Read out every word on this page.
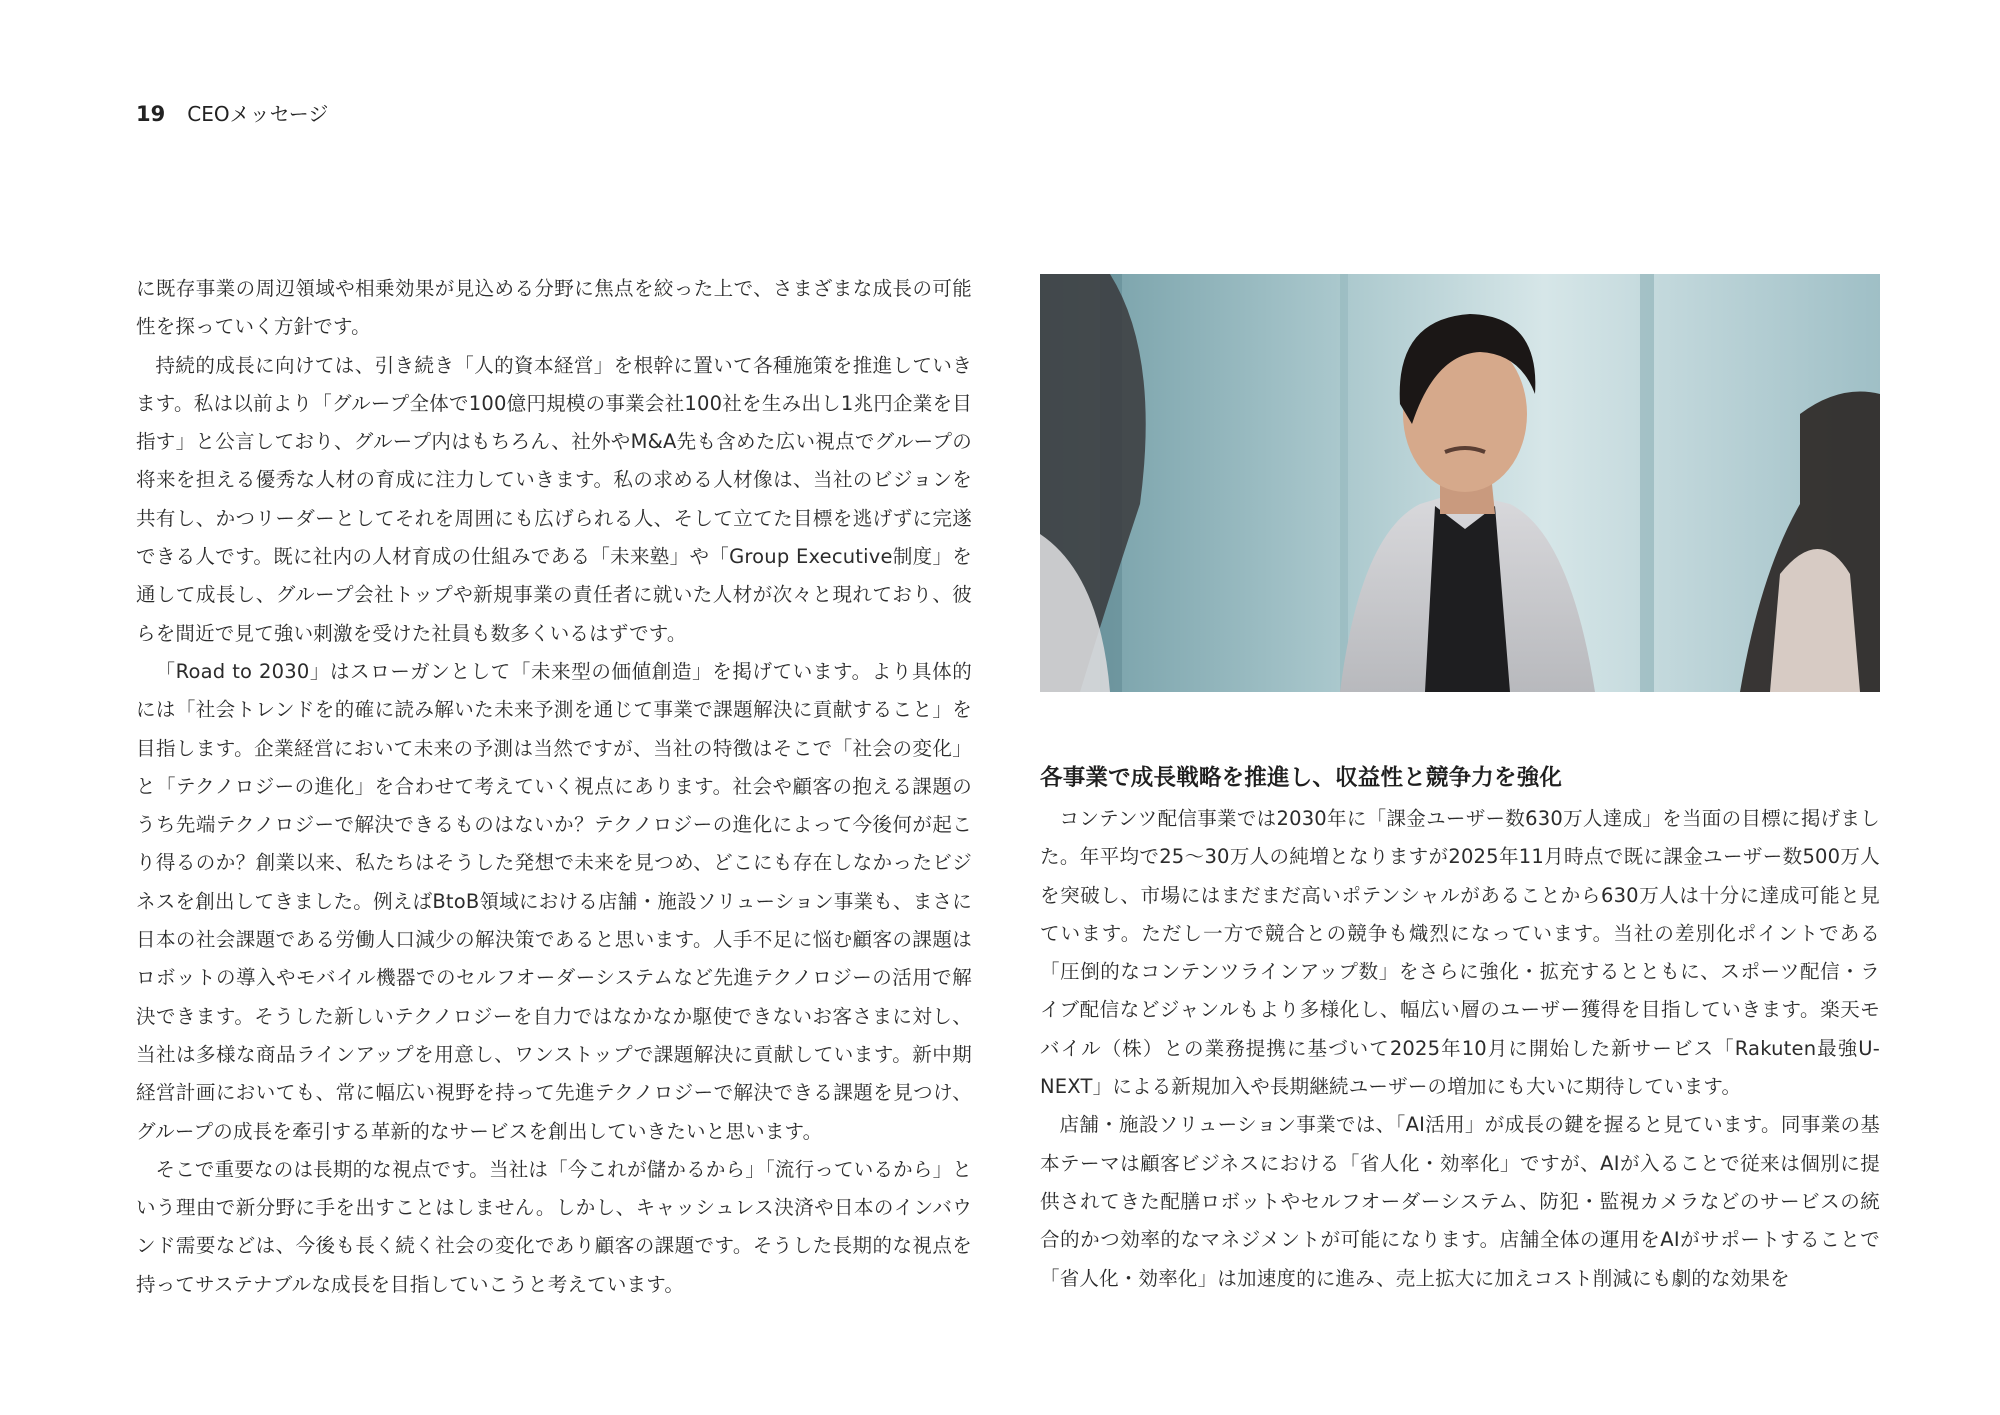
19 CEOメッセージ

に既存事業の周辺領域や相乗効果が見込める分野に焦点を絞った上で、さまざまな成長の可能性を探っていく方針です。

持続的成長に向けては、引き続き「人的資本経営」を根幹に置いて各種施策を推進していきます。私は以前より「グループ全体で100億円規模の事業会社100社を生み出し1兆円企業を目指す」と公言しており、グループ内はもちろん、社外やM&A先も含めた広い視点でグループの将来を担える優秀な人材の育成に注力していきます。私の求める人材像は、当社のビジョンを共有し、かつリーダーとしてそれを周囲にも広げられる人、そして立てた目標を逃げずに完遂できる人です。既に社内の人材育成の仕組みである「未来塾」や「Group Executive制度」を通して成長し、グループ会社トップや新規事業の責任者に就いた人材が次々と現れており、彼らを間近で見て強い刺激を受けた社員も数多くいるはずです。

「Road to 2030」はスローガンとして「未来型の価値創造」を掲げています。より具体的には「社会トレンドを的確に読み解いた未来予測を通じて事業で課題解決に貢献すること」を目指します。企業経営において未来の予測は当然ですが、当社の特徴はそこで「社会の変化」と「テクノロジーの進化」を合わせて考えていく視点にあります。社会や顧客の抱える課題のうち先端テクノロジーで解決できるものはないか？テクノロジーの進化によって今後何が起こり得るのか？創業以来、私たちはそうした発想で未来を見つめ、どこにも存在しなかったビジネスを創出してきました。例えばBtoB領域における店舗・施設ソリューション事業も、まさに日本の社会課題である労働人口減少の解決策であると思います。人手不足に悩む顧客の課題はロボットの導入やモバイル機器でのセルフオーダーシステムなど先進テクノロジーの活用で解決できます。そうした新しいテクノロジーを自力ではなかなか駆使できないお客さまに対し、当社は多様な商品ラインアップを用意し、ワンストップで課題解決に貢献しています。新中期経営計画においても、常に幅広い視野を持って先進テクノロジーで解決できる課題を見つけ、グループの成長を牽引する革新的なサービスを創出していきたいと思います。

そこで重要なのは長期的な視点です。当社は「今これが儲かるから」「流行っているから」という理由で新分野に手を出すことはしません。しかし、キャッシュレス決済や日本のインバウンド需要などは、今後も長く続く社会の変化であり顧客の課題です。そうした長期的な視点を持ってサステナブルな成長を目指していこうと考えています。

各事業で成長戦略を推進し、収益性と競争力を強化

コンテンツ配信事業では2030年に「課金ユーザー数630万人達成」を当面の目標に掲げました。年平均で25〜30万人の純増となりますが2025年11月時点で既に課金ユーザー数500万人を突破し、市場にはまだまだ高いポテンシャルがあることから630万人は十分に達成可能と見ています。ただし一方で競合との競争も熾烈になっています。当社の差別化ポイントである「圧倒的なコンテンツラインアップ数」をさらに強化・拡充するとともに、スポーツ配信・ライブ配信などジャンルもより多様化し、幅広い層のユーザー獲得を目指していきます。楽天モバイル（株）との業務提携に基づいて2025年10月に開始した新サービス「Rakuten最強U-NEXT」による新規加入や長期継続ユーザーの増加にも大いに期待しています。

店舗・施設ソリューション事業では、「AI活用」が成長の鍵を握ると見ています。同事業の基本テーマは顧客ビジネスにおける「省人化・効率化」ですが、AIが入ることで従来は個別に提供されてきた配膳ロボットやセルフオーダーシステム、防犯・監視カメラなどのサービスの統合的かつ効率的なマネジメントが可能になります。店舗全体の運用をAIがサポートすることで「省人化・効率化」は加速度的に進み、売上拡大に加えコスト削減にも劇的な効果を
